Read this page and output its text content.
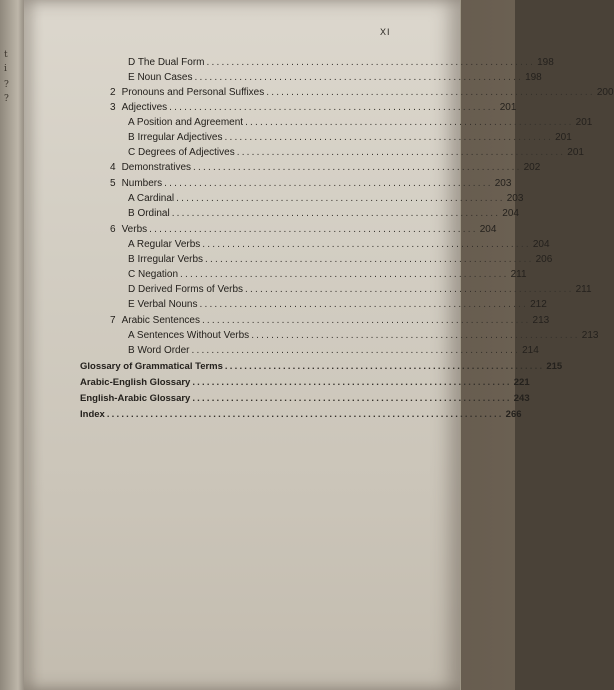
t
i
?
?
XI
D The Dual Form .................................................................. 198
E Noun Cases .................................................................. 198
2 Pronouns and Personal Suffixes .................................................................. 200
3 Adjectives .................................................................. 201
A Position and Agreement .................................................................. 201
B Irregular Adjectives .................................................................. 201
C Degrees of Adjectives .................................................................. 201
4 Demonstratives .................................................................. 202
5 Numbers .................................................................. 203
A Cardinal .................................................................. 203
B Ordinal .................................................................. 204
6 Verbs .................................................................. 204
A Regular Verbs .................................................................. 204
B Irregular Verbs .................................................................. 206
C Negation .................................................................. 211
D Derived Forms of Verbs .................................................................. 211
E Verbal Nouns .................................................................. 212
7 Arabic Sentences .................................................................. 213
A Sentences Without Verbs .................................................................. 213
B Word Order .................................................................. 214
Glossary of Grammatical Terms .................................................................. 215
Arabic-English Glossary .................................................................. 221
English-Arabic Glossary .................................................................. 243
Index .................................................................................. 266
